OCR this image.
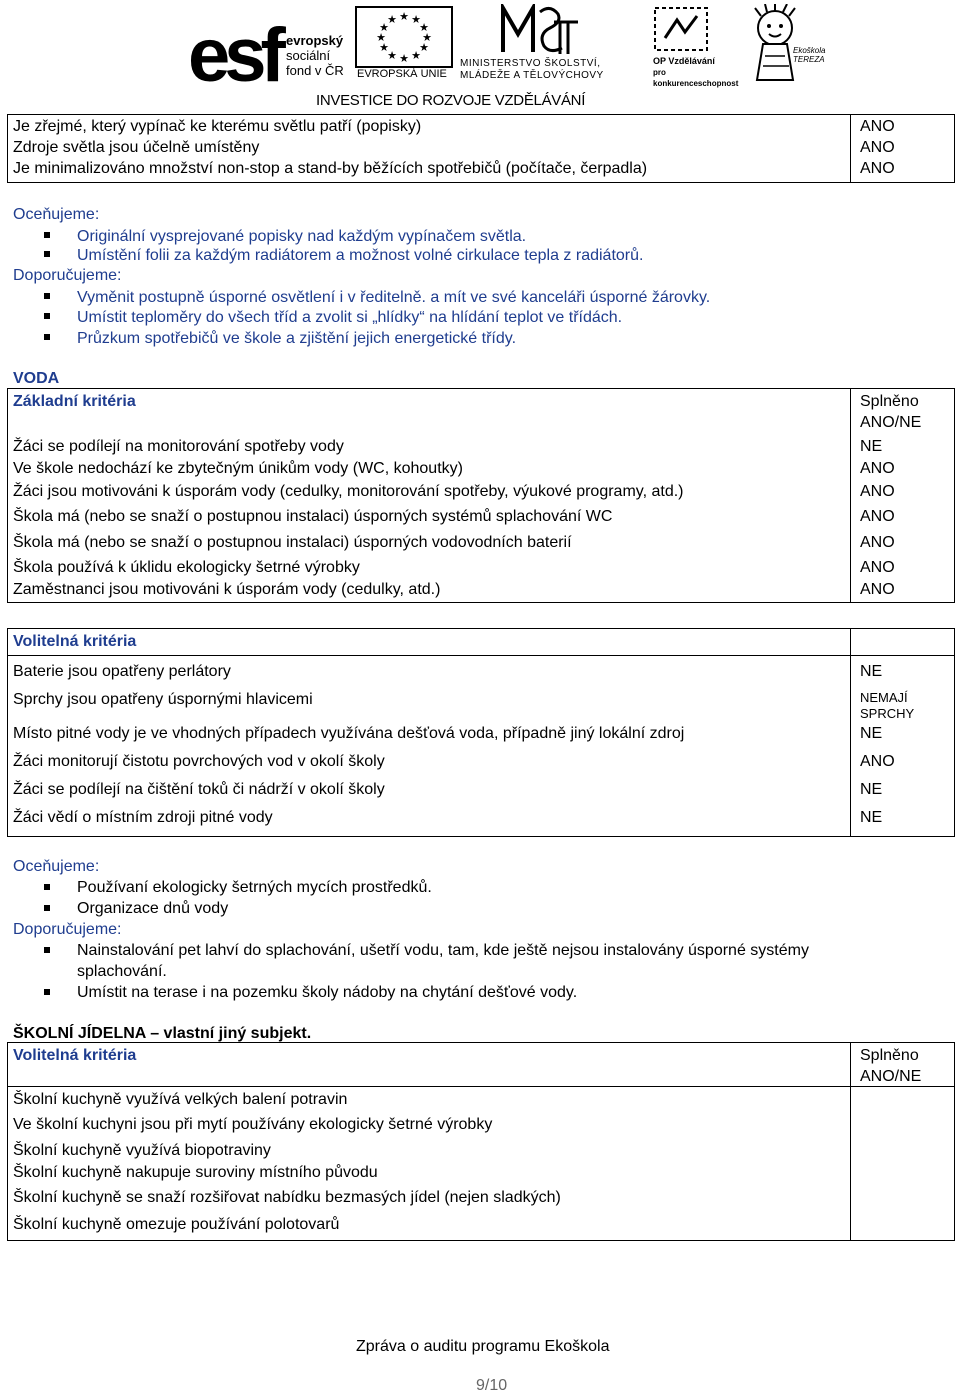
esf evropský
sociální
fond v ČR
★ ★
★
★
★
★
★
★
★
★
★
★
EVROPSKÁ UNIE
MINISTERSTVO ŠKOLSTVÍ,
MLÁDEŽE A TĚLOVÝCHOVY
OP Vzdělávání
pro konkurenceschopnost
Ekoškola TEREZA
INVESTICE DO ROZVOJE VZDĚLÁVÁNÍ
Je zřejmé, který vypínač ke kterému světlu patří (popisky)	ANO
Zdroje světla jsou účelně umístěny	ANO
Je minimalizováno množství non-stop a stand-by běžících spotřebičů (počítače, čerpadla)	ANO
Oceňujeme:
Originální vysprejované popisky nad každým vypínačem světla.
Umístění folii za každým radiátorem a možnost volné cirkulace tepla z radiátorů.
Doporučujeme:
Vyměnit postupně úsporné osvětlení i v ředitelně. a mít ve své kanceláři úsporné žárovky.
Umístit teploměry do všech tříd a zvolit si „hlídky“ na hlídání teplot ve třídách.
Průzkum spotřebičů ve škole a zjištění jejich energetické třídy.
VODA
Základní kritéria	Splněno
ANO/NE
Žáci se podílejí na monitorování spotřeby vody	NE
Ve škole nedochází ke zbytečným únikům vody (WC, kohoutky)	ANO
Žáci jsou motivováni k úsporám vody (cedulky, monitorování spotřeby, výukové programy, atd.)	ANO
Škola má (nebo se snaží o postupnou instalaci) úsporných systémů splachování WC	ANO
Škola má (nebo se snaží o postupnou instalaci) úsporných vodovodních baterií	ANO
Škola používá k úklidu ekologicky šetrné výrobky	ANO
Zaměstnanci jsou motivováni k úsporám vody (cedulky, atd.)	ANO
Volitelná kritéria
Baterie jsou opatřeny perlátory	NE
Sprchy jsou opatřeny úspornými hlavicemi	NEMAJÍ SPRCHY
Místo pitné vody je ve vhodných případech využívána dešťová voda, případně jiný lokální zdroj	NE
Žáci monitorují čistotu povrchových vod v okolí školy	ANO
Žáci se podílejí na čištění toků či nádrží v okolí školy	NE
Žáci vědí o místním zdroji pitné vody	NE
Oceňujeme:
Používaní ekologicky šetrných mycích prostředků.
Organizace dnů vody
Doporučujeme:
Nainstalování pet lahví do splachování, ušetří vodu, tam, kde ještě nejsou instalovány úsporné systémy
splachování.
Umístit na terase i na pozemku školy nádoby na chytání dešťové vody.
ŠKOLNÍ JÍDELNA – vlastní jiný subjekt.
Volitelná kritéria	Splněno
ANO/NE
Školní kuchyně využívá velkých balení potravin
Ve školní kuchyni jsou při mytí používány ekologicky šetrné výrobky
Školní kuchyně využívá biopotraviny
Školní kuchyně nakupuje suroviny místního původu
Školní kuchyně se snaží rozšiřovat nabídku bezmasých jídel (nejen sladkých)
Školní kuchyně omezuje používání polotovarů
Zpráva o auditu programu Ekoškola
9/10
